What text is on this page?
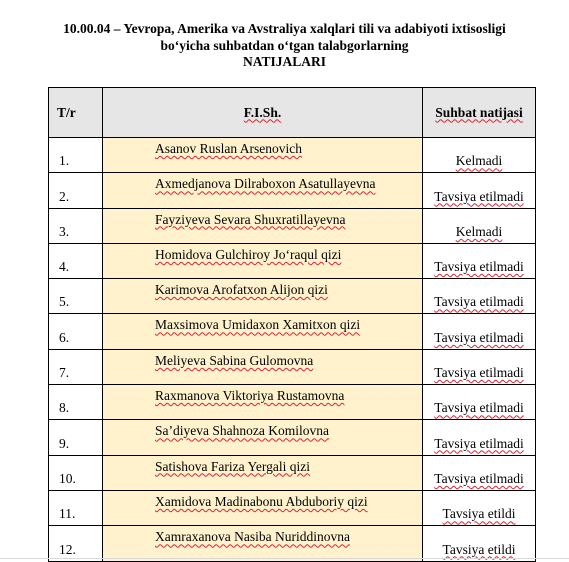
10.00.04 – Yevropa, Amerika va Avstraliya xalqlari tili va adabiyoti ixtisosligi
bo‘yicha suhbatdan o‘tgan talabgorlarning
NATIJALARI
T/r	F.I.Sh.	Suhbat natijasi
1.	Asanov Ruslan Arsenovich	Kelmadi
2.	Axmedjanova Dilraboxon Asatullayevna	Tavsiya etilmadi
3.	Fayziyeva Sevara Shuxratillayevna	Kelmadi
4.	Homidova Gulchiroy Jo‘raqul qizi	Tavsiya etilmadi
5.	Karimova Arofatxon Alijon qizi	Tavsiya etilmadi
6.	Maxsimova Umidaxon Xamitxon qizi	Tavsiya etilmadi
7.	Meliyeva Sabina Gulomovna	Tavsiya etilmadi
8.	Raxmanova Viktoriya Rustamovna	Tavsiya etilmadi
9.	Sa’diyeva Shahnoza Komilovna	Tavsiya etilmadi
10.	Satishova Fariza Yergali qizi	Tavsiya etilmadi
11.	Xamidova Madinabonu Abduboriy qizi	Tavsiya etildi
12.	Xamraxanova Nasiba Nuriddinovna	Tavsiya etildi
